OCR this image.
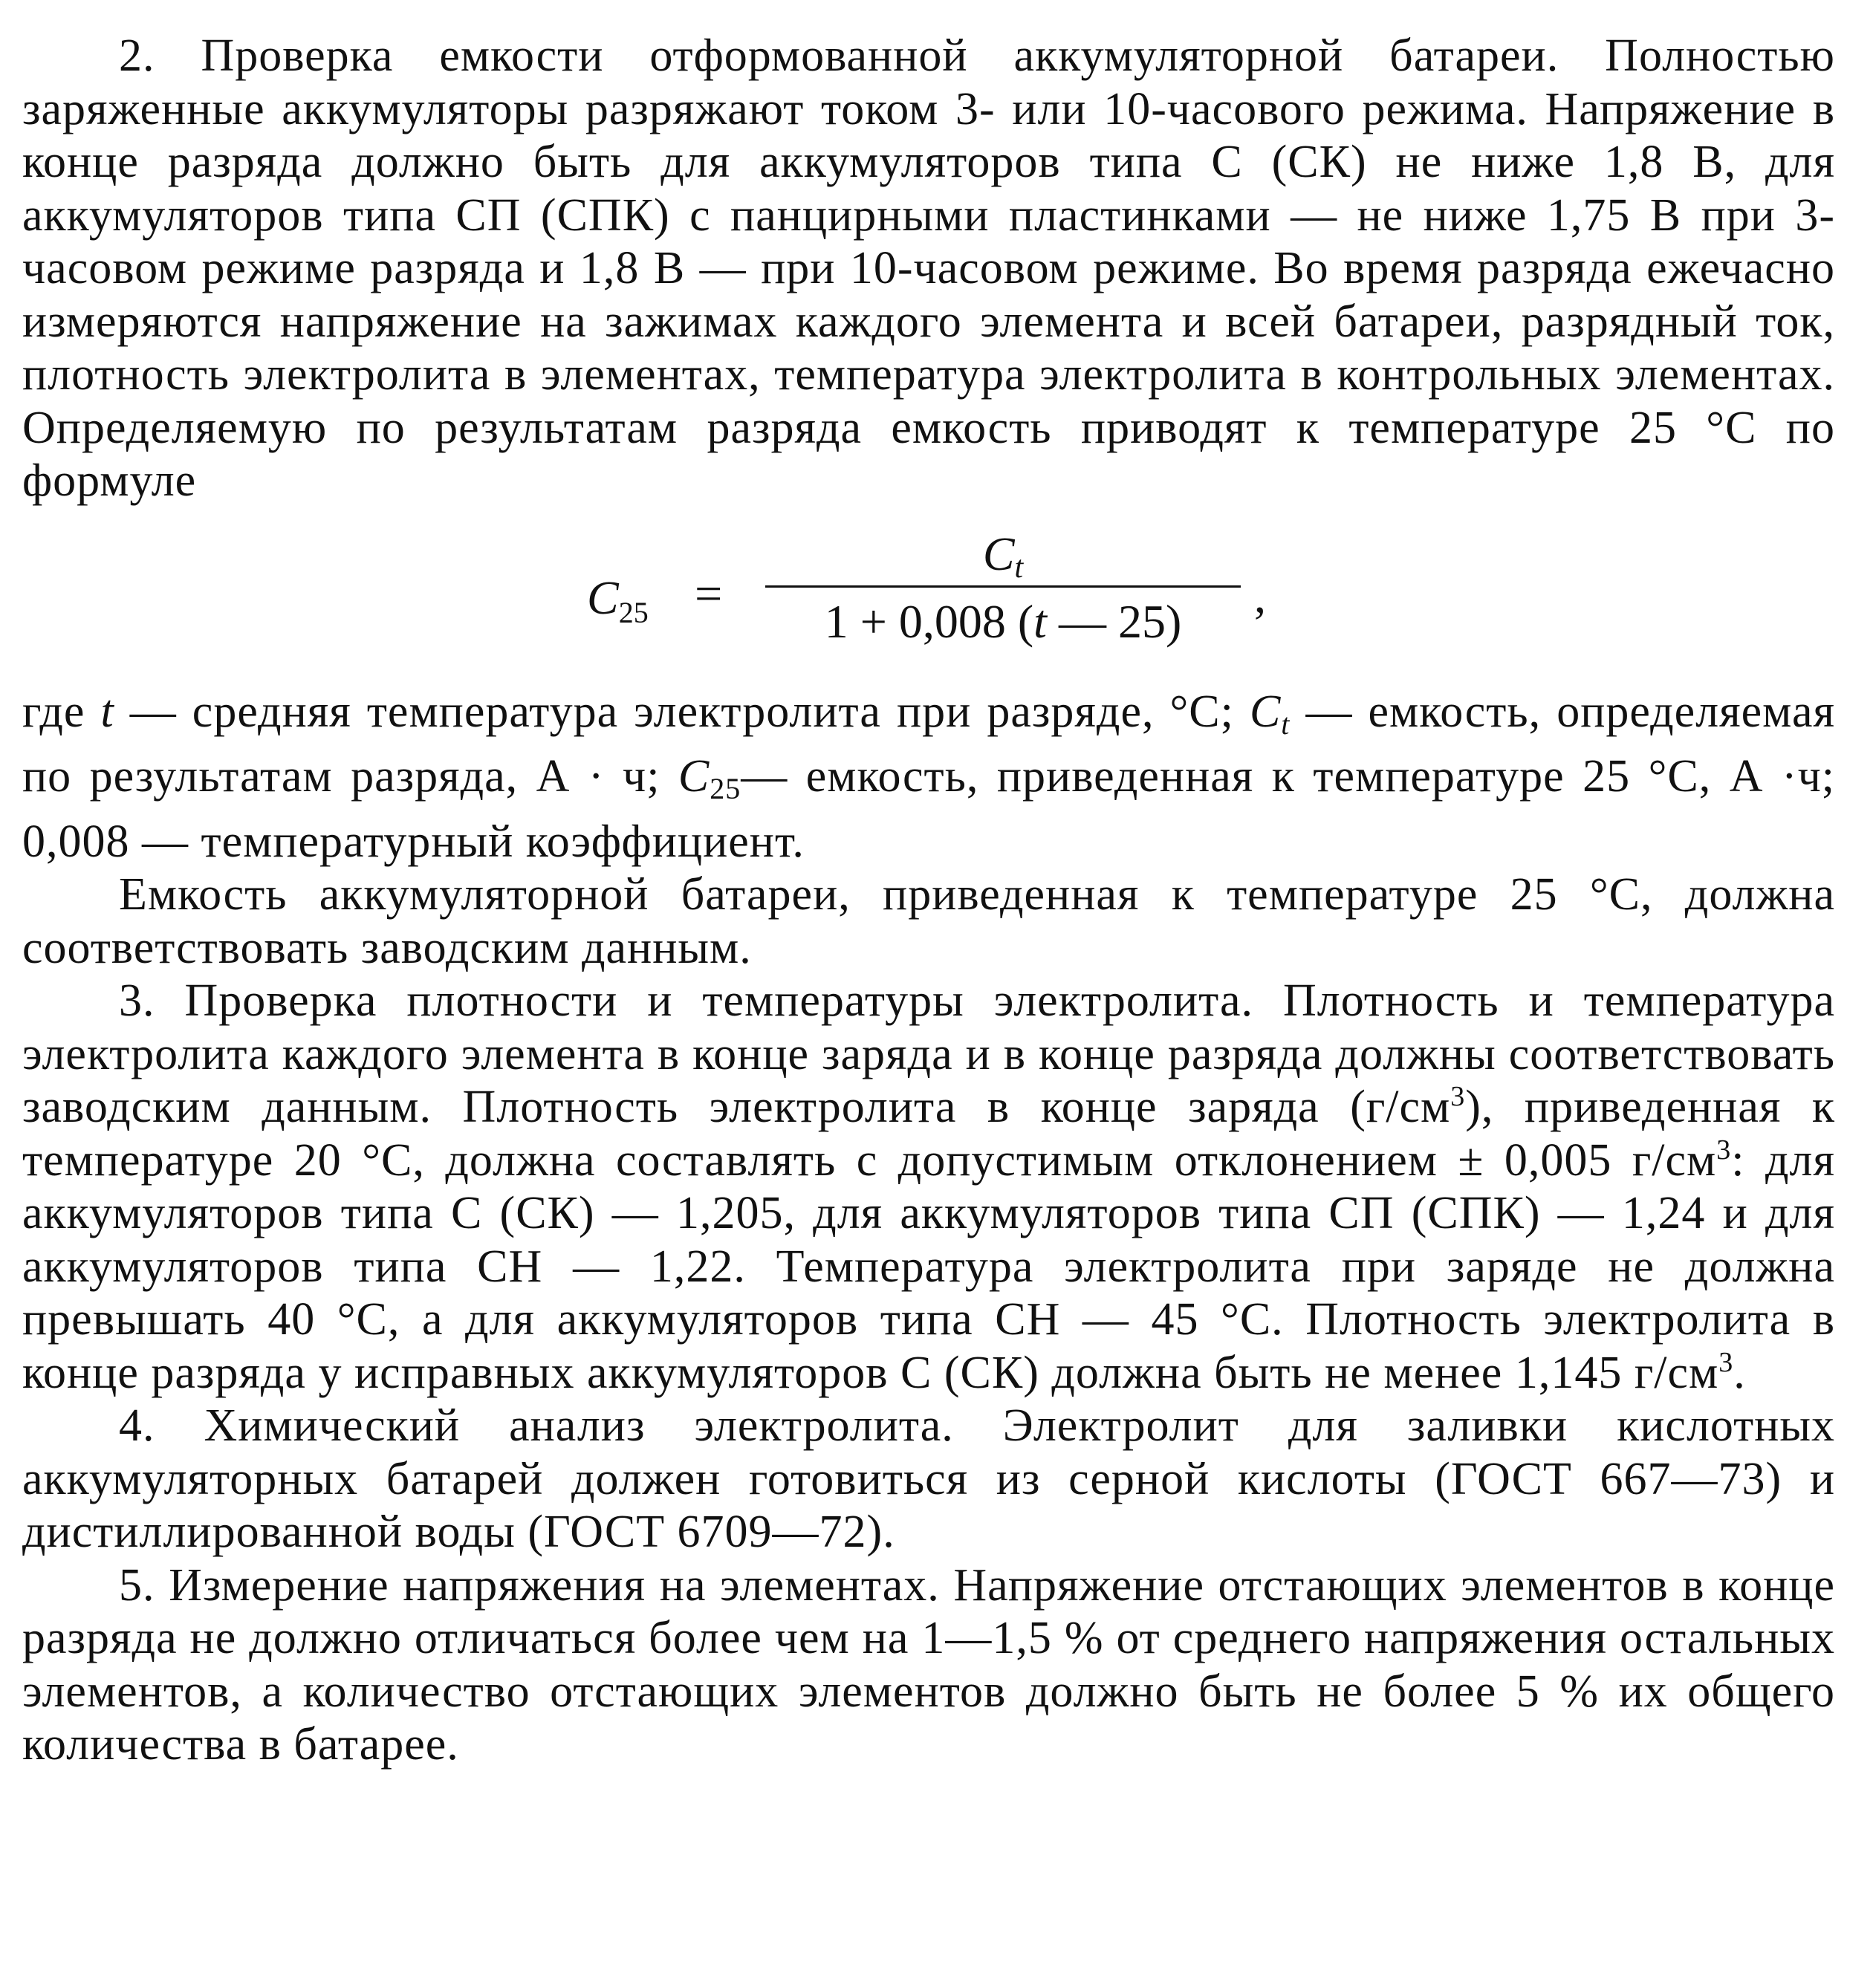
2. Проверка емкости отформованной аккумуляторной батареи. Полностью заряженные аккумуляторы разряжают током 3- или 10-часового режима. Напряжение в конце разряда должно быть для аккумуляторов типа С (СК) не ниже 1,8 В, для аккумуляторов типа СП (СПК) с панцирными пластинками — не ниже 1,75 В при 3-часовом режиме разряда и 1,8 В — при 10-часовом режиме. Во время разряда ежечасно измеряются напряжение на зажимах каждого элемента и всей батареи, разрядный ток, плотность электролита в элементах, температура электролита в контрольных элементах. Определяемую по результатам разряда емкость приводят к температуре 25 °С по формуле

$C_{25}$ =
$C_t$
1 + 0,008 (t — 25)	,

где t — средняя температура электролита при разряде, °С; $C_t$ — емкость, определяемая по результатам разряда, А · ч; $C_{25}—$ емкость, приведенная к температуре 25 °С, А ·ч; 0,008 — температурный коэффициент.

Емкость аккумуляторной батареи, приведенная к температуре 25 °С, должна соответствовать заводским данным.

3. Проверка плотности и температуры электролита. Плотность и температура электролита каждого элемента в конце заряда и в конце разряда должны соответствовать заводским данным. Плотность электролита в конце заряда $(г/см^3)$, приведенная к температуре 20 °С, должна составлять с допустимым отклонением ± 0,005 $г/см^3$: для аккумуляторов типа С (СК) — 1,205, для аккумуляторов типа СП (СПК) — 1,24 и для аккумуляторов типа СН — 1,22. Температура электролита при заряде не должна превышать 40 °С, а для аккумуляторов типа СН — 45 °С. Плотность электролита в конце разряда у исправных аккумуляторов С (СК) должна быть не менее 1,145 $г/см^3$.

4. Химический анализ электролита. Электролит для заливки кислотных аккумуляторных батарей должен готовиться из серной кислоты (ГОСТ 667—73) и дистиллированной воды (ГОСТ 6709—72).

5. Измерение напряжения на элементах. Напряжение отстающих элементов в конце разряда не должно отличаться более чем на 1—1,5 % от среднего напряжения остальных элементов, а количество отстающих элементов должно быть не более 5 % их общего количества в батарее.
